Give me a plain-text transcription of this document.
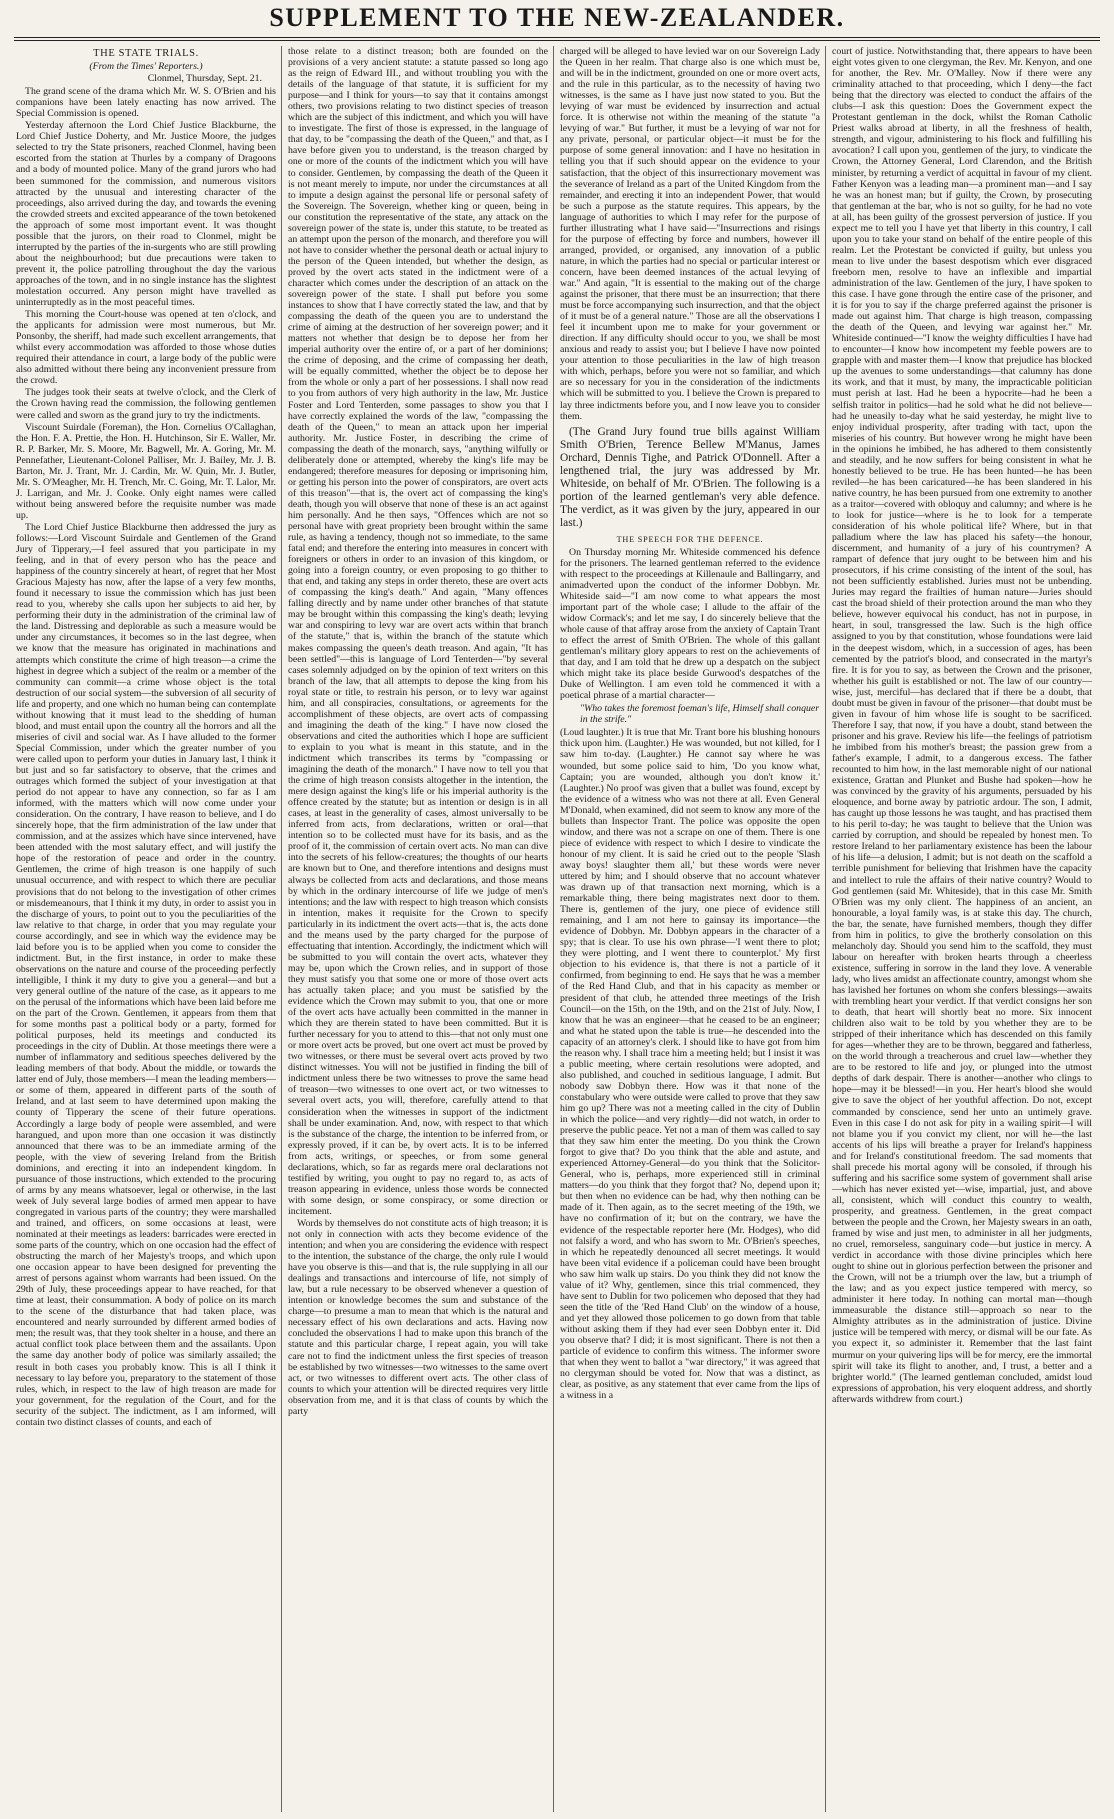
SUPPLEMENT TO THE NEW-ZEALANDER.
THE STATE TRIALS.
(From the Times' Reporters.)
Clonmel, Thursday, Sept. 21.

The grand scene of the drama which Mr. W. S. O'Brien and his companions have been lately enacting has now arrived. The Special Commission is opened.

Yesterday afternoon the Lord Chief Justice Blackburne, the Lord Chief Justice Doherty, and Mr. Justice Moore, the judges selected to try the State prisoners, reached Clonmel, having been escorted from the station at Thurles by a company of Dragoons and a body of mounted police. Many of the grand jurors who had been summoned for the commission, and numerous visitors attracted by the unusual and interesting character of the proceedings, also arrived during the day, and towards the evening the crowded streets and excited appearance of the town betokened the approach of some most important event. It was thought possible that the jurors, on their road to Clonmel, might be interrupted by the parties of the in-surgents who are still prowling about the neighbourhood; but due precautions were taken to prevent it, the police patrolling throughout the day the various approaches of the town, and in no single instance has the slightest molestation occurred. Any person might have travelled as uninterruptedly as in the most peaceful times.

This morning the Court-house was opened at ten o'clock, and the applicants for admission were most numerous, but Mr. Ponsonby, the sheriff, had made such excellent arrangements, that whilst every accommodation was afforded to those whose duties required their attendance in court, a large body of the public were also admitted without there being any inconvenient pressure from the crowd.

The judges took their seats at twelve o'clock, and the Clerk of the Crown having read the commission, the following gentlemen were called and sworn as the grand jury to try the indictments.

Viscount Suirdale (Foreman), the Hon. Cornelius O'Callaghan, the Hon. F. A. Prettie, the Hon. H. Hutchinson, Sir E. Waller, Mr. R. P. Barker, Mr. S. Moore, Mr. Bagwell, Mr. A. Goring, Mr. M. Pennefather, Lieutenant-Colonel Palliser, Mr. J. Bailey, Mr. J. B. Barton, Mr. J. Trant, Mr. J. Cardin, Mr. W. Quin, Mr. J. Butler, Mr. S. O'Meagher, Mr. H. Trench, Mr. C. Going, Mr. T. Lalor, Mr. J. Larrigan, and Mr. J. Cooke. Only eight names were called without being answered before the requisite number was made up.

The Lord Chief Justice Blackburne then addressed the jury as follows:—Lord Viscount Suirdale and Gentlemen of the Grand Jury of Tipperary,—I feel assured that you participate in my feeling, and in that of every person who has the peace and happiness of the country sincerely at heart, of regret that her Most Gracious Majesty has now, after the lapse of a very few months, found it necessary to issue the commission which has just been read to you, whereby she calls upon her subjects to aid her, by performing their duty in the administration of the criminal law of the land. Distressing and deplorable as such a measure would be under any circumstances, it becomes so in the last degree, when we know that the measure has originated in machinations and attempts which constitute the crime of high treason—a crime the highest in degree which a subject of the realm or a member of the community can commit—a crime whose object is the total destruction of our social system—the subversion of all security of life and property, and one which no human being can contemplate without knowing that it must lead to the shedding of human blood, and must entail upon the country all the horrors and all the miseries of civil and social war. As I have alluded to the former Special Commission, under which the greater number of you were called upon to perform your duties in January last, I think it but just and so far satisfactory to observe, that the crimes and outrages which formed the subject of your investigation at that period do not appear to have any connection, so far as I am informed, with the matters which will now come under your consideration. On the contrary, I have reason to believe, and I do sincerely hope, that the firm administration of the law under that commission, and at the assizes which have since intervened, have been attended with the most salutary effect, and will justify the hope of the restoration of peace and order in the country. Gentlemen, the crime of high treason is one happily of such unusual occurrence, and with respect to which there are peculiar provisions that do not belong to the investigation of other crimes or misdemeanours, that I think it my duty, in order to assist you in the discharge of yours, to point out to you the peculiarities of the law relative to that charge, in order that you may regulate your course accordingly, and see in which way the evidence may be laid before you is to be applied when you come to consider the indictment. But, in the first instance, in order to make these observations on the nature and course of the proceeding perfectly intelligible, I think it my duty to give you a general—and but a very general outline of the nature of the case, as it appears to me on the perusal of the informations which have been laid before me on the part of the Crown. Gentlemen, it appears from them that for some months past a political body or a party, formed for political purposes, held its meetings and conducted its proceedings in the city of Dublin. At those meetings there were a number of inflammatory and seditious speeches delivered by the leading members of that body. About the middle, or towards the latter end of July, those members—I mean the leading members—or some of them, appeared in different parts of the south of Ireland, and at last seem to have determined upon making the county of Tipperary the scene of their future operations. Accordingly a large body of people were assembled, and were harangued, and upon more than one occasion it was distinctly announced that there was to be an immediate arming of the people, with the view of severing Ireland from the British dominions, and erecting it into an independent kingdom. In pursuance of those instructions, which extended to the procuring of arms by any means whatsoever, legal or otherwise, in the last week of July several large bodies of armed men appear to have congregated in various parts of the country; they were marshalled and trained, and officers, on some occasions at least, were nominated at their meetings as leaders: barricades were erected in some parts of the country, which on one occasion had the effect of obstructing the march of her Majesty's troops, and which upon one occasion appear to have been designed for preventing the arrest of persons against whom warrants had been issued. On the 29th of July, these proceedings appear to have reached, for that time at least, their consummation. A body of police on its march to the scene of the disturbance that had taken place, was encountered and nearly surrounded by different armed bodies of men; the result was, that they took shelter in a house, and there an actual conflict took place between them and the assailants. Upon the same day another body of police was similarly assailed; the result in both cases you probably know. This is all I think it necessary to lay before you, preparatory to the statement of those rules, which, in respect to the law of high treason are made for your government, for the regulation of the Court, and for the security of the subject. The indictment, as I am informed, will contain two distinct classes of counts, and each of

those relate to a distinct treason; both are founded on the provisions of a very ancient statute: a statute passed so long ago as the reign of Edward III., and without troubling you with the details of the language of that statute, it is sufficient for my purpose—and I think for yours—to say that it contains amongst others, two provisions relating to two distinct species of treason which are the subject of this indictment, and which you will have to investigate. The first of those is expressed, in the language of that day, to be "compassing the death of the Queen," and that, as I have before given you to understand, is the treason charged by one or more of the counts of the indictment which you will have to consider. Gentlemen, by compassing the death of the Queen it is not meant merely to impute, nor under the circumstances at all to impute a design against the personal life or personal safety of the Sovereign. The Sovereign, whether king or queen, being in our constitution the representative of the state, any attack on the sovereign power of the state is, under this statute, to be treated as an attempt upon the person of the monarch, and therefore you will not have to consider whether the personal death or actual injury to the person of the Queen intended, but whether the design, as proved by the overt acts stated in the indictment were of a character which comes under the description of an attack on the sovereign power of the state. I shall put before you some instances to show that I have correctly stated the law, and that by compassing the death of the queen you are to understand the crime of aiming at the destruction of her sovereign power; and it matters not whether that design be to depose her from her imperial authority over the entire of, or a part of her dominions; the crime of deposing, and the crime of compassing her death, will be equally committed, whether the object be to depose her from the whole or only a part of her possessions. I shall now read to you from authors of very high authority in the law, Mr. Justice Foster and Lord Tenterden, some passages to show you that I have correctly explained the words of the law, "compassing the death of the Queen," to mean an attack upon her imperial authority. Mr. Justice Foster, in describing the crime of compassing the death of the monarch, says, "anything wilfully or deliberately done or attempted, whereby the king's life may be endangered; therefore measures for deposing or imprisoning him, or getting his person into the power of conspirators, are overt acts of this treason"—that is, the overt act of compassing the king's death, though you will observe that none of these is an act against him personally. And he then says, "Offences which are not so personal have with great propriety been brought within the same rule, as having a tendency, though not so immediate, to the same fatal end; and therefore the entering into measures in concert with foreigners or others in order to an invasion of this kingdom, or going into a foreign country, or even proposing to go thither to that end, and taking any steps in order thereto, these are overt acts of compassing the king's death." And again, "Many offences falling directly and by name under other branches of that statute may be brought within this compassing the king's death; levying war and conspiring to levy war are overt acts within that branch of the statute," that is, within the branch of the statute which makes compassing the queen's death treason. And again, "It has been settled"—this is language of Lord Tenterden—"by several cases solemnly adjudged on by the opinion of text writers on this branch of the law, that all attempts to depose the king from his royal state or title, to restrain his person, or to levy war against him, and all conspiracies, consultations, or agreements for the accomplishment of these objects, are overt acts of compassing and imagining the death of the king." I have now closed the observations and cited the authorities which I hope are sufficient to explain to you what is meant in this statute, and in the indictment which transcribes its terms by "compassing or imagining the death of the monarch." I have now to tell you that the crime of high treason consists altogether in the intention, the mere design against the king's life or his imperial authority is the offence created by the statute; but as intention or design is in all cases, at least in the generality of cases, almost universally to be inferred from acts, from declarations, written or oral—that intention so to be collected must have for its basis, and as the proof of it, the commission of certain overt acts. No man can dive into the secrets of his fellow-creatures; the thoughts of our hearts are known but to One, and therefore intentions and designs must always be collected from acts and declarations, and those means by which in the ordinary intercourse of life we judge of men's intentions; and the law with respect to high treason which consists in intention, makes it requisite for the Crown to specify particularly in its indictment the overt acts—that is, the acts done and the means used by the party charged for the purpose of effectuating that intention. Accordingly, the indictment which will be submitted to you will contain the overt acts, whatever they may be, upon which the Crown relies, and in support of those they must satisfy you that some one or more of those overt acts has actually taken place; and you must be satisfied by the evidence which the Crown may submit to you, that one or more of the overt acts have actually been committed in the manner in which they are therein stated to have been committed. But it is further necessary for you to attend to this—that not only must one or more overt acts be proved, but one overt act must be proved by two witnesses, or there must be several overt acts proved by two distinct witnesses. You will not be justified in finding the bill of indictment unless there be two witnesses to prove the same head of treason—two witnesses to one overt act, or two witnesses to several overt acts, you will, therefore, carefully attend to that consideration when the witnesses in support of the indictment shall be under examination. And, now, with respect to that which is the substance of the charge, the intention to be inferred from, or expressly proved, if it can be, by overt acts. It is to be inferred from acts, writings, or speeches, or from some general declarations, which, so far as regards mere oral declarations not testified by writing, you ought to pay no regard to, as acts of treason appearing in evidence, unless those words be connected with some design, or some conspiracy, or some direction or incitement.

Words by themselves do not constitute acts of high treason; it is not only in connection with acts they become evidence of the intention; and when you are considering the evidence with respect to the intention, the substance of the charge, the only rule I would have you observe is this—and that is, the rule supplying in all our dealings and transactions and intercourse of life, not simply of law, but a rule necessary to be observed whenever a question of intention or knowledge becomes the sum and substance of the charge—to presume a man to mean that which is the natural and necessary effect of his own declarations and acts. Having now concluded the observations I had to make upon this branch of the statute and this particular charge, I repeat again, you will take care not to find the indictment unless the first species of treason be established by two witnesses—two witnesses to the same overt act, or two witnesses to different overt acts. The other class of counts to which your attention will be directed requires very little observation from me, and it is that class of counts by which the party

charged will be alleged to have levied war on our Sovereign Lady the Queen in her realm. That charge also is one which must be, and will be in the indictment, grounded on one or more overt acts, and the rule in this particular, as to the necessity of having two witnesses, is the same as I have just now stated to you. But the levying of war must be evidenced by insurrection and actual force. It is otherwise not within the meaning of the statute "a levying of war." But further, it must be a levying of war not for any private, personal, or particular object—it must be for the purpose of some general innovation: and I have no hesitation in telling you that if such should appear on the evidence to your satisfaction, that the object of this insurrectionary movement was the severance of Ireland as a part of the United Kingdom from the remainder, and erecting it into an independent Power, that would be such a purpose as the statute requires. This appears, by the language of authorities to which I may refer for the purpose of further illustrating what I have said—"Insurrections and risings for the purpose of effecting by force and numbers, however ill arranged, provided, or organised, any innovation of a public nature, in which the parties had no special or particular interest or concern, have been deemed instances of the actual levying of war." And again, "It is essential to the making out of the charge against the prisoner, that there must be an insurrection; that there must be force accompanying such insurrection, and that the object of it must be of a general nature." Those are all the observations I feel it incumbent upon me to make for your government or direction. If any difficulty should occur to you, we shall be most anxious and ready to assist you; but I believe I have now pointed your attention to those peculiarities in the law of high treason with which, perhaps, before you were not so familiar, and which are so necessary for you in the consideration of the indictments which will be submitted to you. I believe the Crown is prepared to lay three indictments before you, and I now leave you to consider them.

(The Grand Jury found true bills against William Smith O'Brien, Terence Bellew M'Manus, James Orchard, Dennis Tighe, and Patrick O'Donnell. After a lengthened trial, the jury was addressed by Mr. Whiteside, on behalf of Mr. O'Brien. The following is a portion of the learned gentleman's very able defence. The verdict, as it was given by the jury, appeared in our last.)

THE SPEECH FOR THE DEFENCE.

On Thursday morning Mr. Whiteside commenced his defence for the prisoners. The learned gentleman referred to the evidence with respect to the proceedings at Killenaule and Ballingarry, and animadverted upon the conduct of the informer Dobbyn. Mr. Whiteside said—"I am now come to what appears the most important part of the whole case; I allude to the affair of the widow Cormack's; and let me say, I do sincerely believe that the whole cause of that affray arose from the anxiety of Captain Trant to effect the arrest of Smith O'Brien. The whole of this gallant gentleman's military glory appears to rest on the achievements of that day, and I am told that he drew up a despatch on the subject which might take its place beside Gurwood's despatches of the Duke of Wellington. I am even told he commenced it with a poetical phrase of a martial character—

"Who takes the foremost foeman's life, Himself shall conquer in the strife."

(Loud laughter.) It is true that Mr. Trant bore his blushing honours thick upon him. (Laughter.) He was wounded, but not killed, for I saw him to-day. (Laughter.) He cannot say where he was wounded, but some police said to him, 'Do you know what, Captain; you are wounded, although you don't know it.' (Laughter.) No proof was given that a bullet was found, except by the evidence of a witness who was not there at all. Even General M'Donald, when examined, did not seem to know any more of the bullets than Inspector Trant. The police was opposite the open window, and there was not a scrape on one of them. There is one piece of evidence with respect to which I desire to vindicate the honour of my client. It is said he cried out to the people 'Slash away boys! slaughter them all,' but these words were never uttered by him; and I should observe that no account whatever was drawn up of that transaction next morning, which is a remarkable thing, there being magistrates next door to them. There is, gentlemen of the jury, one piece of evidence still remaining, and I am not here to gainsay its importance—the evidence of Dobbyn. Mr. Dobbyn appears in the character of a spy; that is clear. To use his own phrase—'I went there to plot; they were plotting, and I went there to counterplot.' My first objection to his evidence is, that there is not a particle of it confirmed, from beginning to end. He says that he was a member of the Red Hand Club, and that in his capacity as member or president of that club, he attended three meetings of the Irish Council—on the 15th, on the 19th, and on the 21st of July. Now, I know that he was an engineer—that he ceased to be an engineer; and what he stated upon the table is true—he descended into the capacity of an attorney's clerk. I should like to have got from him the reason why. I shall trace him a meeting held; but I insist it was a public meeting, where certain resolutions were adopted, and also published, and couched in seditious language, I admit. But nobody saw Dobbyn there. How was it that none of the constabulary who were outside were called to prove that they saw him go up? There was not a meeting called in the city of Dublin in which the police—and very rightly—did not watch, in order to preserve the public peace. Yet not a man of them was called to say that they saw him enter the meeting. Do you think the Crown forgot to give that? Do you think that the able and astute, and experienced Attorney-General—do you think that the Solicitor-General, who is, perhaps, more experienced still in criminal matters—do you think that they forgot that? No, depend upon it; but then when no evidence can be had, why then nothing can be made of it. Then again, as to the secret meeting of the 19th, we have no confirmation of it; but on the contrary, we have the evidence of the respectable reporter here (Mr. Hodges), who did not falsify a word, and who has sworn to Mr. O'Brien's speeches, in which he repeatedly denounced all secret meetings. It would have been vital evidence if a policeman could have been brought who saw him walk up stairs. Do you think they did not know the value of it? Why, gentlemen, since this trial commenced, they have sent to Dublin for two policemen who deposed that they had seen the title of the 'Red Hand Club' on the window of a house, and yet they allowed those policemen to go down from that table without asking them if they had ever seen Dobbyn enter it. Did you observe that? I did; it is most significant. There is not then a particle of evidence to confirm this witness. The informer swore that when they went to ballot a "war directory," it was agreed that no clergyman should be voted for. Now that was a distinct, as clear, as positive, as any statement that ever came from the lips of a witness in a

court of justice. Notwithstanding that, there appears to have been eight votes given to one clergyman, the Rev. Mr. Kenyon, and one for another, the Rev. Mr. O'Malley. Now if there were any criminality attached to that proceeding, which I deny—the fact being that the directory was elected to conduct the affairs of the clubs—I ask this question: Does the Government expect the Protestant gentleman in the dock, whilst the Roman Catholic Priest walks abroad at liberty, in all the freshness of health, strength, and vigour, administering to his flock and fulfilling his avocation? I call upon you, gentlemen of the jury, to vindicate the Crown, the Attorney General, Lord Clarendon, and the British minister, by returning a verdict of acquittal in favour of my client. Father Kenyon was a leading man—a prominent man—and I say he was an honest man; but if guilty, the Crown, by prosecuting that gentleman at the bar, who is not so guilty, for he had no vote at all, has been guilty of the grossest perversion of justice. If you expect me to tell you I have yet that liberty in this country, I call upon you to take your stand on behalf of the entire people of this realm. Let the Protestant be convicted if guilty, but unless you mean to live under the basest despotism which ever disgraced freeborn men, resolve to have an inflexible and impartial administration of the law. Gentlemen of the jury, I have spoken to this case. I have gone through the entire case of the prisoner, and it is for you to say if the charge preferred against the prisoner is made out against him. That charge is high treason, compassing the death of the Queen, and levying war against her." Mr. Whiteside continued—"I know the weighty difficulties I have had to encounter—I know how incompetent my feeble powers are to grapple with and master them—I know that prejudice has blocked up the avenues to some understandings—that calumny has done its work, and that it must, by many, the impracticable politician must perish at last. Had he been a hypocrite—had he been a selfish traitor in politics—had he sold what he did not believe—had he uneasily to-day what he said yesterday, he might live to enjoy individual prosperity, after trading with tact, upon the miseries of his country. But however wrong he might have been in the opinions he imbibed, he has adhered to them consistently and steadily, and he now suffers for being consistent in what he honestly believed to be true. He has been hunted—he has been reviled—he has been caricatured—he has been slandered in his native country, he has been pursued from one extremity to another as a traitor—covered with obloquy and calumny; and where is he to look for justice—where is he to look for a temperate consideration of his whole political life? Where, but in that palladium where the law has placed his safety—the honour, discernment, and humanity of a jury of his countrymen? A rampart of defence that jury ought to be between him and his prosecutors, if his crime consisting of the intent of the soul, has not been sufficiently established. Juries must not be unbending. Juries may regard the frailties of human nature—Juries should cast the broad shield of their protection around the man who they believe, however equivocal his conduct, has not in purpose, in heart, in soul, transgressed the law. Such is the high office assigned to you by that constitution, whose foundations were laid in the deepest wisdom, which, in a succession of ages, has been cemented by the patriot's blood, and consecrated in the martyr's fire. It is for you to say, as between the Crown and the prisoner, whether his guilt is established or not. The law of our country—wise, just, merciful—has declared that if there be a doubt, that doubt must be given in favour of the prisoner—that doubt must be given in favour of him whose life is sought to be sacrificed. Therefore I say, that now, if you have a doubt, stand between the prisoner and his grave. Review his life—the feelings of patriotism he imbibed from his mother's breast; the passion grew from a father's example, I admit, to a dangerous excess. The father recounted to him how, in the last memorable night of our national existence, Grattan and Plunket and Bushe had spoken—how he was convinced by the gravity of his arguments, persuaded by his eloquence, and borne away by patriotic ardour. The son, I admit, has caught up those lessons he was taught, and has practised them to his peril to-day; he was taught to believe that the Union was carried by corruption, and should be repealed by honest men. To restore Ireland to her parliamentary existence has been the labour of his life—a delusion, I admit; but is not death on the scaffold a terrible punishment for believing that Irishmen have the capacity and intellect to rule the affairs of their native country? Would to God gentlemen (said Mr. Whiteside), that in this case Mr. Smith O'Brien was my only client. The happiness of an ancient, an honourable, a loyal family was, is at stake this day. The church, the bar, the senate, have furnished members, though they differ from him in politics, to give the brotherly consolation on this melancholy day. Should you send him to the scaffold, they must labour on hereafter with broken hearts through a cheerless existence, suffering in sorrow in the land they love. A venerable lady, who lives amidst an affectionate country, amongst whom she has lavished her fortunes on whom she confers blessings—awaits with trembling heart your verdict. If that verdict consigns her son to death, that heart will shortly beat no more. Six innocent children also wait to be told by you whether they are to be stripped of their inheritance which has descended on this family for ages—whether they are to be thrown, beggared and fatherless, on the world through a treacherous and cruel law—whether they are to be restored to life and joy, or plunged into the utmost depths of dark despair. There is another—another who clings to hope—may it be blessed!—in you. Her heart's blood she would give to save the object of her youthful affection. Do not, except commanded by conscience, send her unto an untimely grave. Even in this case I do not ask for pity in a wailing spirit—I will not blame you if you convict my client, nor will he—the last accents of his lips will breathe a prayer for Ireland's happiness and for Ireland's constitutional freedom. The sad moments that shall precede his mortal agony will be consoled, if through his suffering and his sacrifice some system of government shall arise—which has never existed yet—wise, impartial, just, and above all, consistent, which will conduct this country to wealth, prosperity, and greatness. Gentlemen, in the great compact between the people and the Crown, her Majesty swears in an oath, framed by wise and just men, to administer in all her judgments, no cruel, remorseless, sanguinary code—but justice in mercy. A verdict in accordance with those divine principles which here ought to shine out in glorious perfection between the prisoner and the Crown, will not be a triumph over the law, but a triumph of the law; and as you expect justice tempered with mercy, so administer it here today. In nothing can mortal man—though immeasurable the distance still—approach so near to the Almighty attributes as in the administration of justice. Divine justice will be tempered with mercy, or dismal will be our fate. As you expect it, so administer it. Remember that the last faint murmur on your quivering lips will be for mercy, ere the immortal spirit will take its flight to another, and, I trust, a better and a brighter world." (The learned gentleman concluded, amidst loud expressions of approbation, his very eloquent address, and shortly afterwards withdrew from court.)
